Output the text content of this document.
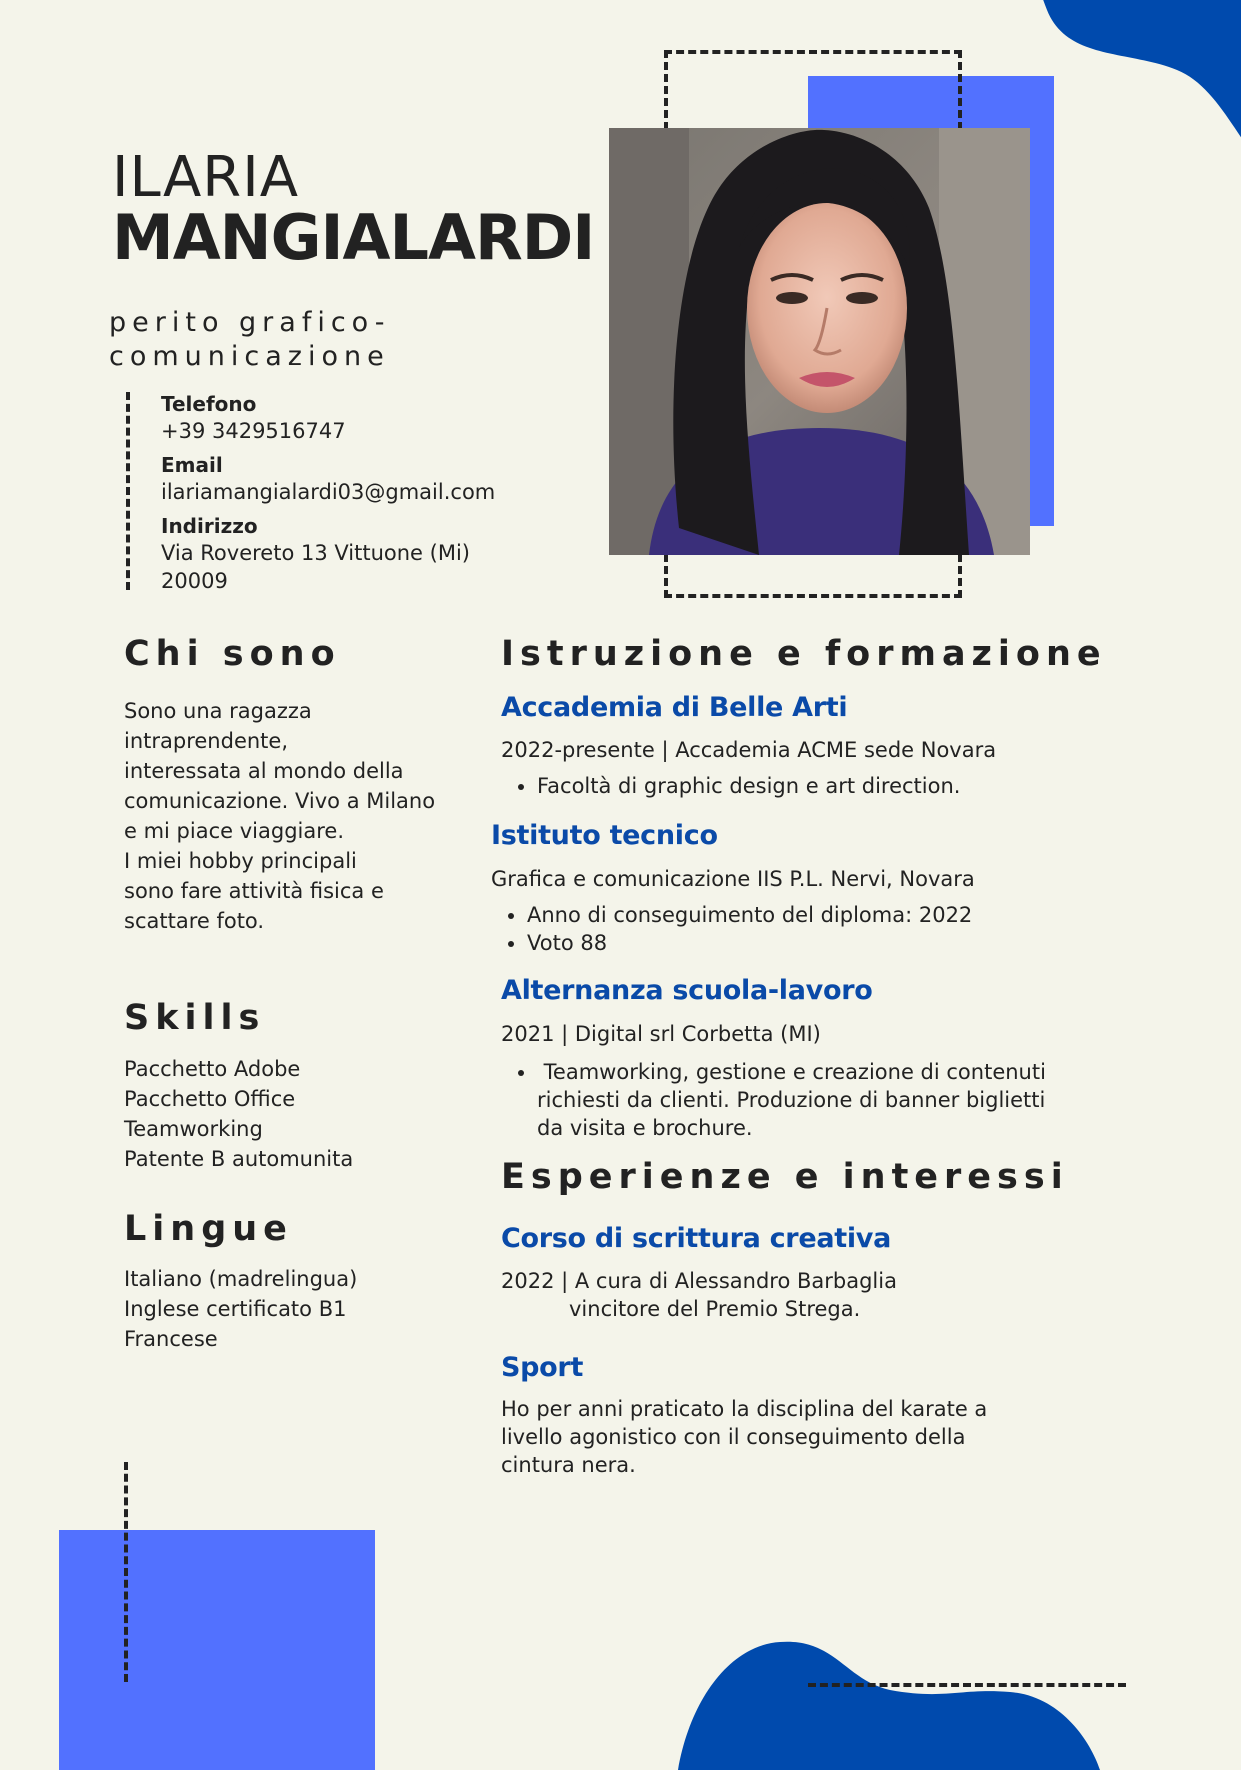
ILARIA
MANGIALARDI
perito grafico-
comunicazione
Telefono
+39 3429516747
Email
ilariamangialardi03@gmail.com
Indirizzo
Via Rovereto 13 Vittuone (Mi)
20009
Chi sono
Sono una ragazza
intraprendente,
interessata al mondo della
comunicazione. Vivo a Milano
e mi piace viaggiare.
I miei hobby principali
sono fare attività fisica e
scattare foto.
Skills
Pacchetto Adobe
Pacchetto Office
Teamworking
Patente B automunita
Lingue
Italiano (madrelingua)
Inglese certificato B1
Francese
Istruzione e formazione
Accademia di Belle Arti
2022-presente | Accademia ACME sede Novara
• Facoltà di graphic design e art direction.
Istituto tecnico
Grafica e comunicazione IIS P.L. Nervi, Novara
• Anno di conseguimento del diploma: 2022
• Voto 88
Alternanza scuola-lavoro
2021 | Digital srl Corbetta (MI)
•  Teamworking, gestione e creazione di contenuti
richiesti da clienti. Produzione di banner biglietti
da visita e brochure.
Esperienze e interessi
Corso di scrittura creativa
2022 | A cura di Alessandro Barbaglia
vincitore del Premio Strega.
Sport
Ho per anni praticato la disciplina del karate a
livello agonistico con il conseguimento della
cintura nera.
